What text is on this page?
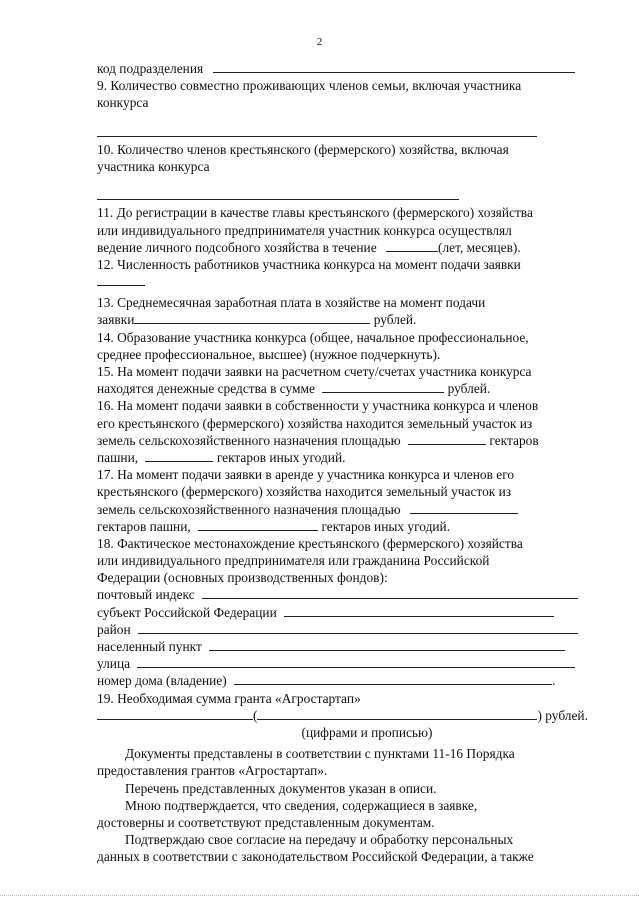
2
код подразделения
9. Количество совместно проживающих членов семьи, включая участника
конкурса
10. Количество членов крестьянского (фермерского) хозяйства, включая
участника конкурса
11. До регистрации в качестве главы крестьянского (фермерского) хозяйства
или индивидуального предпринимателя участник конкурса осуществлял
ведение личного подсобного хозяйства в течение	(лет, месяцев).
12. Численность работников участника конкурса на момент подачи заявки
13. Среднемесячная заработная плата в хозяйстве на момент подачи
заявки	рублей.
14. Образование участника конкурса (общее, начальное профессиональное,
среднее профессиональное, высшее) (нужное подчеркнуть).
15. На момент подачи заявки на расчетном счету/счетах участника конкурса
находятся денежные средства в сумме	рублей.
16. На момент подачи заявки в собственности у участника конкурса и членов
его крестьянского (фермерского) хозяйства находится земельный участок из
земель сельскохозяйственного назначения площадью	гектаров
пашни,	гектаров иных угодий.
17. На момент подачи заявки в аренде у участника конкурса и членов его
крестьянского (фермерского) хозяйства находится земельный участок из
земель сельскохозяйственного назначения площадью
гектаров пашни,	гектаров иных угодий.
18. Фактическое местонахождение крестьянского (фермерского) хозяйства
или индивидуального предпринимателя или гражданина Российской
Федерации (основных производственных фондов):
почтовый индекс
субъект Российской Федерации
район
населенный пункт
улица
номер дома (владение)	.
19. Необходимая сумма гранта «Агростартап»
(	) рублей.
(цифрами и прописью)
Документы представлены в соответствии с пунктами 11-16 Порядка
предоставления грантов «Агростартап».
Перечень представленных документов указан в описи.
Мною подтверждается, что сведения, содержащиеся в заявке,
достоверны и соответствуют представленным документам.
Подтверждаю свое согласие на передачу и обработку персональных
данных в соответствии с законодательством Российской Федерации, а также
